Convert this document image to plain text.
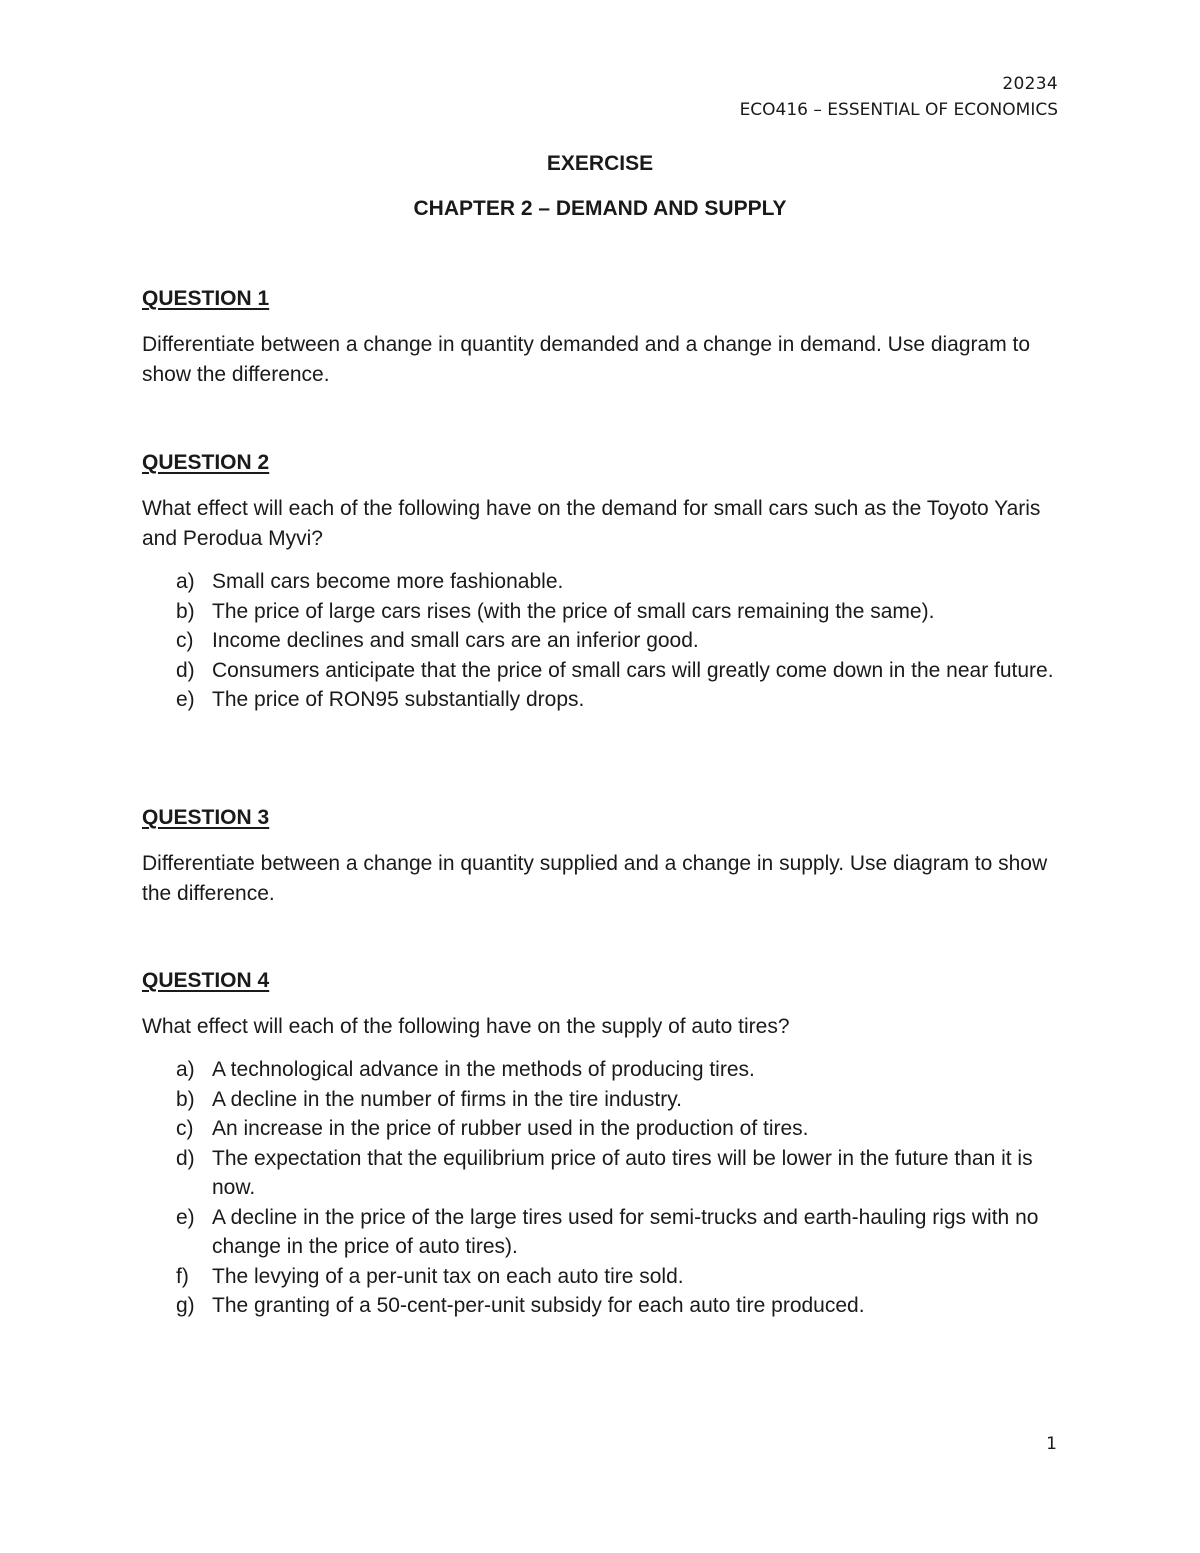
20234
ECO416 – ESSENTIAL OF ECONOMICS
EXERCISE
CHAPTER 2 – DEMAND AND SUPPLY
QUESTION 1

Differentiate between a change in quantity demanded and a change in demand. Use diagram to show the difference.

QUESTION 2

What effect will each of the following have on the demand for small cars such as the Toyoto Yaris and Perodua Myvi?

a) Small cars become more fashionable.
b) The price of large cars rises (with the price of small cars remaining the same).
c) Income declines and small cars are an inferior good.
d) Consumers anticipate that the price of small cars will greatly come down in the near future.
e) The price of RON95 substantially drops.
QUESTION 3

Differentiate between a change in quantity supplied and a change in supply. Use diagram to show the difference.

QUESTION 4

What effect will each of the following have on the supply of auto tires?

a) A technological advance in the methods of producing tires.
b) A decline in the number of firms in the tire industry.
c) An increase in the price of rubber used in the production of tires.
d) The expectation that the equilibrium price of auto tires will be lower in the future than it is now.
e) A decline in the price of the large tires used for semi-trucks and earth-hauling rigs with no change in the price of auto tires).
f)	The levying of a per-unit tax on each auto tire sold.
g) The granting of a 50-cent-per-unit subsidy for each auto tire produced.
1
